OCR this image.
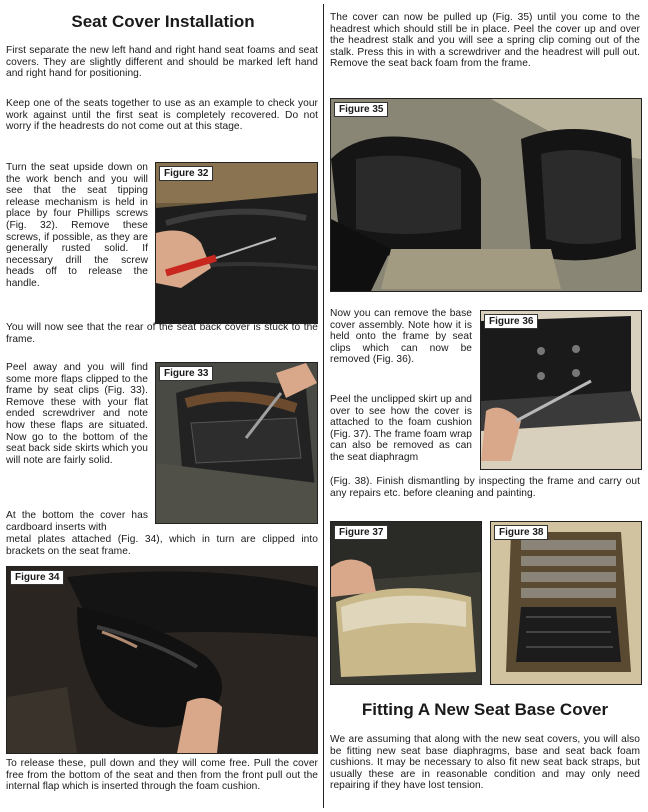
Seat Cover Installation

First separate the new left hand and right hand seat foams and seat covers. They are slightly different and should be marked left hand and right hand for positioning.

Keep one of the seats together to use as an example to check your work against until the first seat is completely recovered. Do not worry if the headrests do not come out at this stage.

Turn the seat upside down on the work bench and you will see that the seat tipping release mechanism is held in place by four Phillips screws (Fig. 32). Remove these screws, if possible, as they are generally rusted solid. If necessary drill the screw heads off to release the handle.

Figure 32

You will now see that the rear of the seat back cover is stuck to the frame.

Peel away and you will find some more flaps clipped to the frame by seat clips (Fig. 33). Remove these with your flat ended screwdriver and note how these flaps are situated. Now go to the bottom of the seat back side skirts which you will note are fairly solid.

Figure 33

At the bottom the cover has cardboard inserts with

metal plates attached (Fig. 34), which in turn are clipped into brackets on the seat frame.

Figure 34

To release these, pull down and they will come free. Pull the cover free from the bottom of the seat and then from the front pull out the internal flap which is inserted through the foam cushion.

The cover can now be pulled up (Fig. 35) until you come to the headrest which should still be in place. Peel the cover up and over the headrest stalk and you will see a spring clip coming out of the stalk. Press this in with a screwdriver and the headrest will pull out. Remove the seat back foam from the frame.

Figure 35

Now you can remove the base cover assembly. Note how it is held onto the frame by seat clips which can now be removed (Fig. 36).

Figure 36

Peel the unclipped skirt up and over to see how the cover is attached to the foam cushion (Fig. 37). The frame foam wrap can also be removed as can the seat diaphragm

(Fig. 38). Finish dismantling by inspecting the frame and carry out any repairs etc. before cleaning and painting.

Figure 37	Figure 38
Fitting A New Seat Base Cover

We are assuming that along with the new seat covers, you will also be fitting new seat base diaphragms, base and seat back foam cushions. It may be necessary to also fit new seat back straps, but usually these are in reasonable condition and may only need repairing if they have lost tension.
